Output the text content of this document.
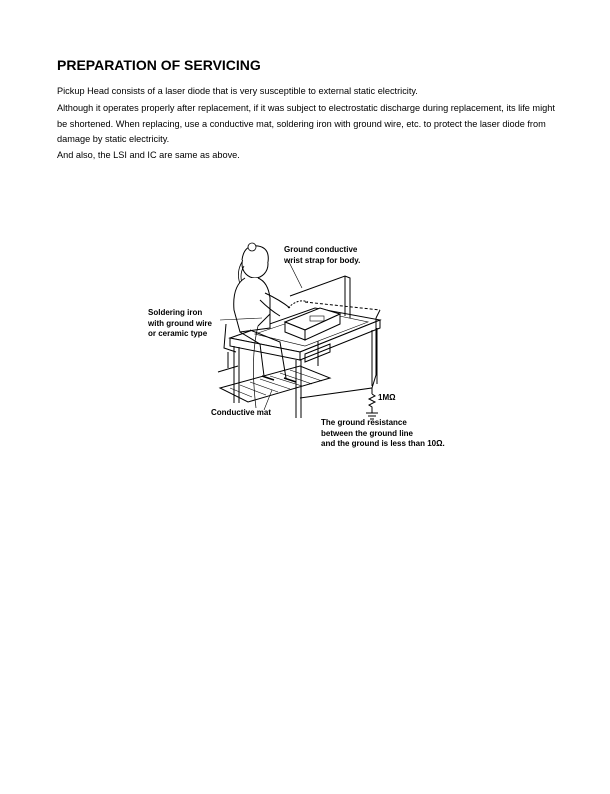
PREPARATION OF SERVICING

Pickup Head consists of a laser diode that is very susceptible to external static electricity.

Although it operates properly after replacement, if it was subject to electrostatic discharge during replacement, its life might be shortened. When replacing, use a conductive mat, soldering iron with ground wire, etc. to protect the laser diode from damage by static electricity.

And also, the LSI and IC are same as above.

Ground conductive
wrist strap for body.
Soldering iron
with ground wire
or ceramic type
Conductive mat
1MΩ
The ground resistance
between the ground line
and the ground is less than 10Ω.
